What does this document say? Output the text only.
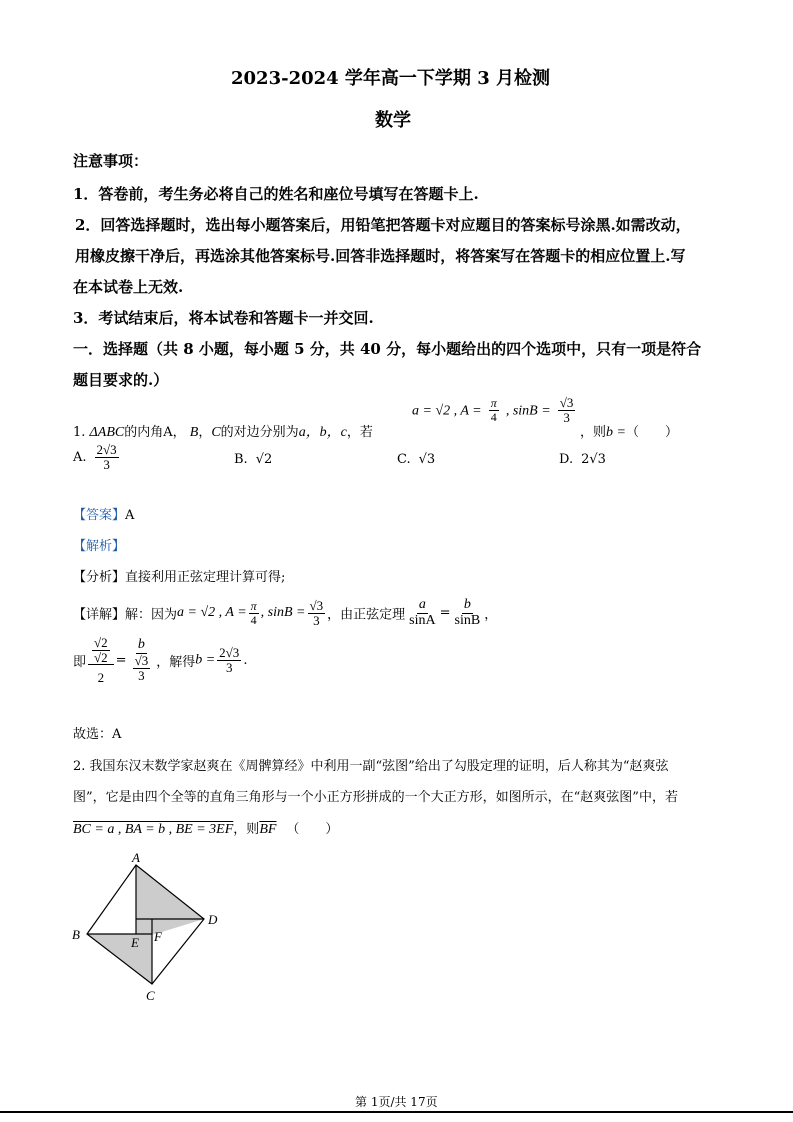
2023-2024 学年高一下学期 3 月检测
数学
注意事项：
1．答卷前，考生务必将自己的姓名和座位号填写在答题卡上.
2．回答选择题时，选出每小题答案后，用铅笔把答题卡对应题目的答案标号涂黑.如需改动，
用橡皮擦干净后，再选涂其他答案标号.回答非选择题时，将答案写在答题卡的相应位置上.写
在本试卷上无效.
3．考试结束后，将本试卷和答题卡一并交回.
一．选择题（共 8 小题，每小题 5 分，共 40 分，每小题给出的四个选项中，只有一项是符合
题目要求的.）
1. ΔABC的内角A， B，C的对边分别为a，b，c，若
a = √2 , $A = \frac{\pi}{4}$ , $\sin B = \frac{√3}{3}$
，则b =（　　）
A. $\frac{2√3}{3}$	B. √2	C. √3	D. 2√3
【答案】A
【解析】
【分析】直接利用正弦定理计算可得;
【详解】解：因为a = √2 , $A = \frac{\pi}{4}$ , $\sin B = \frac{√3}{3}$ ，由正弦定理 $\frac{a}{\sin A} = \frac{b}{\sin B}$ ，
即 $\frac{\frac{√2}{√2}}{2} = \frac{b}{\frac{√3}{3}}$ ，解得$b = \frac{2√3}{3}$ .
故选：A
2. 我国东汉末数学家赵爽在《周髀算经》中利用一副“弦图”给出了勾股定理的证明，后人称其为“赵爽弦
图”，它是由四个全等的直角三角形与一个小正方形拼成的一个大正方形，如图所示，在“赵爽弦图”中，若
BC = a , BA = b , BE = 3EF，则$\overline{BF}$ （　　）
A
B
C
D
E F
第 1页/共 17页
